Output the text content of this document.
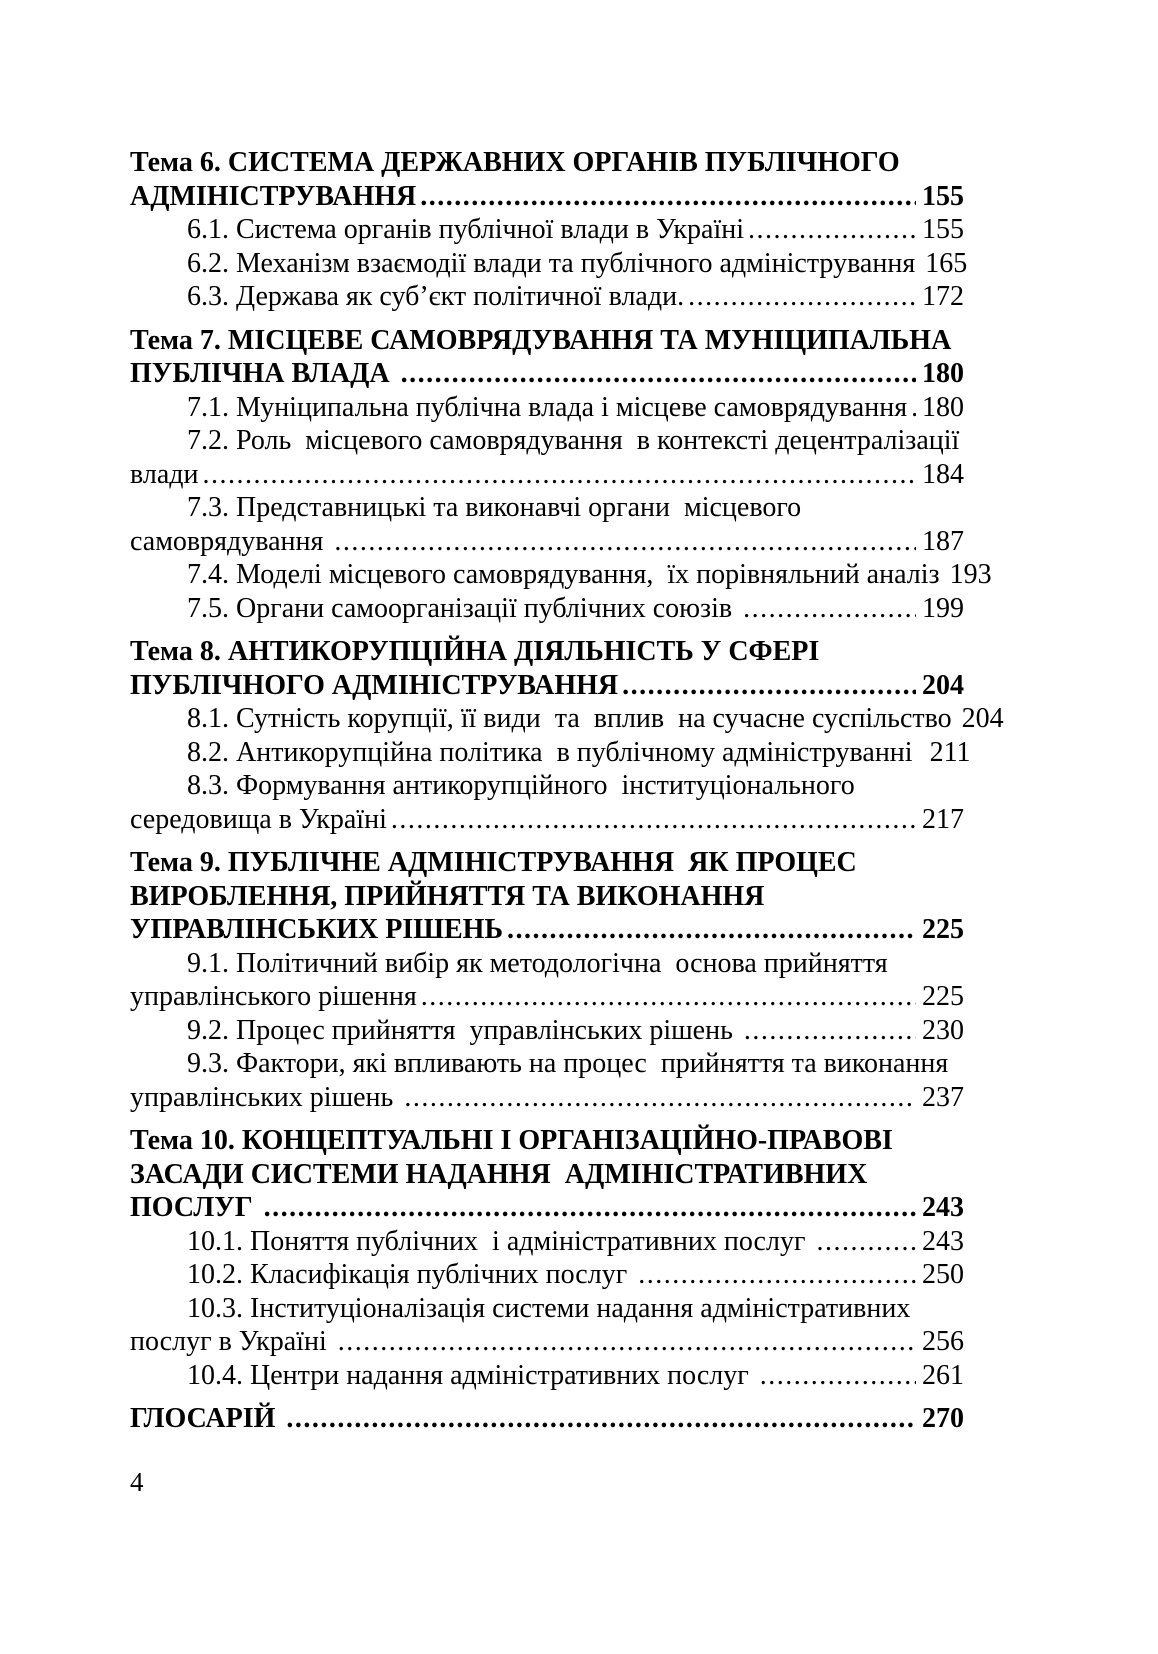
Тема 6. СИСТЕМА ДЕРЖАВНИХ ОРГАНІВ ПУБЛІЧНОГО
АДМІНІСТРУВАННЯ .....	155
6.1. Система органів публічної влади в Україні .....	155
6.2. Механізм взаємодії влади та публічного адміністрування 165
6.3. Держава як суб’єкт політичної влади. .....	172
Тема 7. МІСЦЕВЕ САМОВРЯДУВАННЯ ТА МУНІЦИПАЛЬНА
ПУБЛІЧНА ВЛАДА .....	180
7.1. Муніципальна публічна влада і місцеве самоврядування ..... 180
7.2. Роль  місцевого самоврядування  в контексті децентралізації
влади .....	184
7.3. Представницькі та виконавчі органи  місцевого
самоврядування .....	187
7.4. Моделі місцевого самоврядування,  їх порівняльний аналіз 193
7.5. Органи самоорганізації публічних союзів .....	199
Тема 8. АНТИКОРУПЦІЙНА ДІЯЛЬНІСТЬ У СФЕРІ
ПУБЛІЧНОГО АДМІНІСТРУВАННЯ .....	204
8.1. Сутність корупції, її види  та  вплив  на сучасне суспільство 204
8.2. Антикорупційна політика  в публічному адмініструванні 211
8.3. Формування антикорупційного  інституціонального
середовища в Україні .....	217
Тема 9. ПУБЛІЧНЕ АДМІНІСТРУВАННЯ  ЯК ПРОЦЕС
ВИРОБЛЕННЯ, ПРИЙНЯТТЯ ТА ВИКОНАННЯ
УПРАВЛІНСЬКИХ РІШЕНЬ .....	225
9.1. Політичний вибір як методологічна  основа прийняття
управлінського рішення .....	225
9.2. Процес прийняття  управлінських рішень .....	230
9.3. Фактори, які впливають на процес  прийняття та виконання
управлінських рішень .....	237
Тема 10. КОНЦЕПТУАЛЬНІ І ОРГАНІЗАЦІЙНО-ПРАВОВІ
ЗАСАДИ СИСТЕМИ НАДАННЯ  АДМІНІСТРАТИВНИХ
ПОСЛУГ .....	243
10.1. Поняття публічних  і адміністративних послуг .....	243
10.2. Класифікація публічних послуг .....	250
10.3. Інституціоналізація системи надання адміністративних
послуг в Україні .....	256
10.4. Центри надання адміністративних послуг .....	261
ГЛОСАРІЙ .....	270
4
